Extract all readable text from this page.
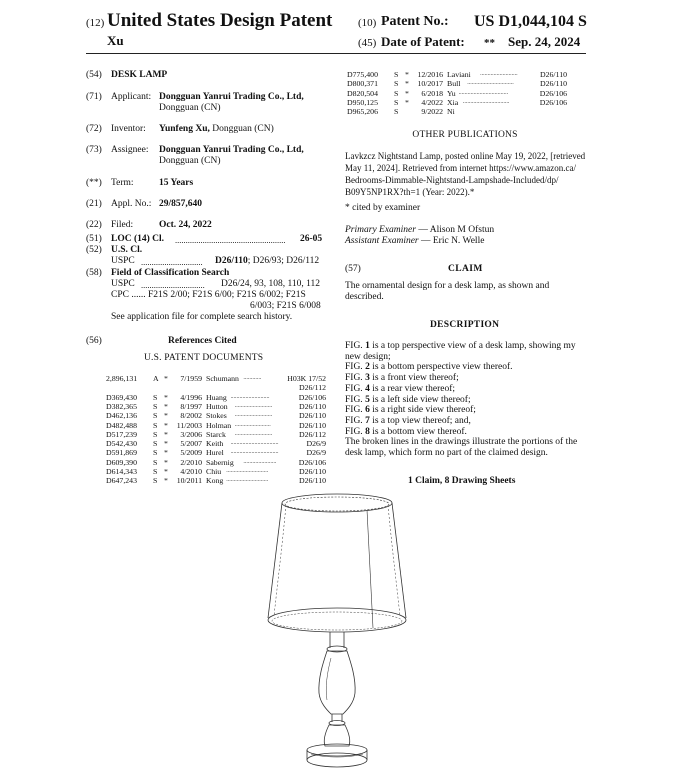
(12) United States Design Patent
Xu
(10) Patent No.: US D1,044,104 S
(45) Date of Patent: ** Sep. 24, 2024
(54) DESK LAMP
(71) Applicant: Dongguan Yanrui Trading Co., Ltd,
Dongguan (CN)
(72) Inventor: Yunfeng Xu, Dongguan (CN)
(73) Assignee: Dongguan Yanrui Trading Co., Ltd,
Dongguan (CN)
(**) Term:	15 Years
(21) Appl. No.: 29/857,640
(22) Filed:	Oct. 24, 2022
(51) LOC (14) Cl. .................................................... 26-05
(52) U.S. Cl.
USPC ............................. D26/110; D26/93; D26/112
(58) Field of Classification Search
USPC .............................. D26/24, 93, 108, 110, 112
CPC ...... F21S 2/00; F21S 6/00; F21S 6/002; F21S
6/003; F21S 6/008
See application file for complete search history.
(56)	References Cited
U.S. PATENT DOCUMENTS
2,896,131	A *	7/1959 Schumann	H03K 17/52
............
D26/112
D369,430	S *	4/1996 Huang	D26/106
..........................
D382,365	S *	8/1997 Hutton	D26/110
.........................
D462,136	S *	8/2002 Stokes	D26/110
.........................
D482,488	S *	11/2003 Holman	D26/110
........................
D517,239	S *	3/2006 Starck	D26/112
.........................
D542,430	S *	5/2007 Keith	D26/9
................................
D591,869	S *	5/2009 Hurel	D26/9
................................
D609,390	S *	2/2010 Sabernig	D26/106
......................
D614,343	S *	4/2010 Chiu	D26/110
............................
D647,243	S *	10/2011 Kong	D26/110
............................
D775,400	S *	12/2016 Laviani	D26/110
.........................
D800,371	S *	10/2017 Bull	D26/110
...............................
D820,504	S *	6/2018 Yu	D26/106
.................................
D950,125	S *	4/2022 Xia	D26/106
...............................
D965,206	S	9/2022 Ni
OTHER PUBLICATIONS
Lavkzcz Nightstand Lamp, posted online May 19, 2022, [retrieved
May 11, 2024]. Retrieved from internet https://www.amazon.ca/
Bedrooms-Dimmable-Nightstand-Lampshade-Included/dp/
B09Y5NP1RX?th=1 (Year: 2022).*
* cited by examiner
Primary Examiner — Alison M Ofstun
Assistant Examiner — Eric N. Welle
(57)	CLAIM
The ornamental design for a desk lamp, as shown and
described.
DESCRIPTION
FIG. 1 is a top perspective view of a desk lamp, showing my
new design;
FIG. 2 is a bottom perspective view thereof.
FIG. 3 is a front view thereof;
FIG. 4 is a rear view thereof;
FIG. 5 is a left side view thereof;
FIG. 6 is a right side view thereof;
FIG. 7 is a top view thereof; and,
FIG. 8 is a bottom view thereof.
The broken lines in the drawings illustrate the portions of the
desk lamp, which form no part of the claimed design.
1 Claim, 8 Drawing Sheets
